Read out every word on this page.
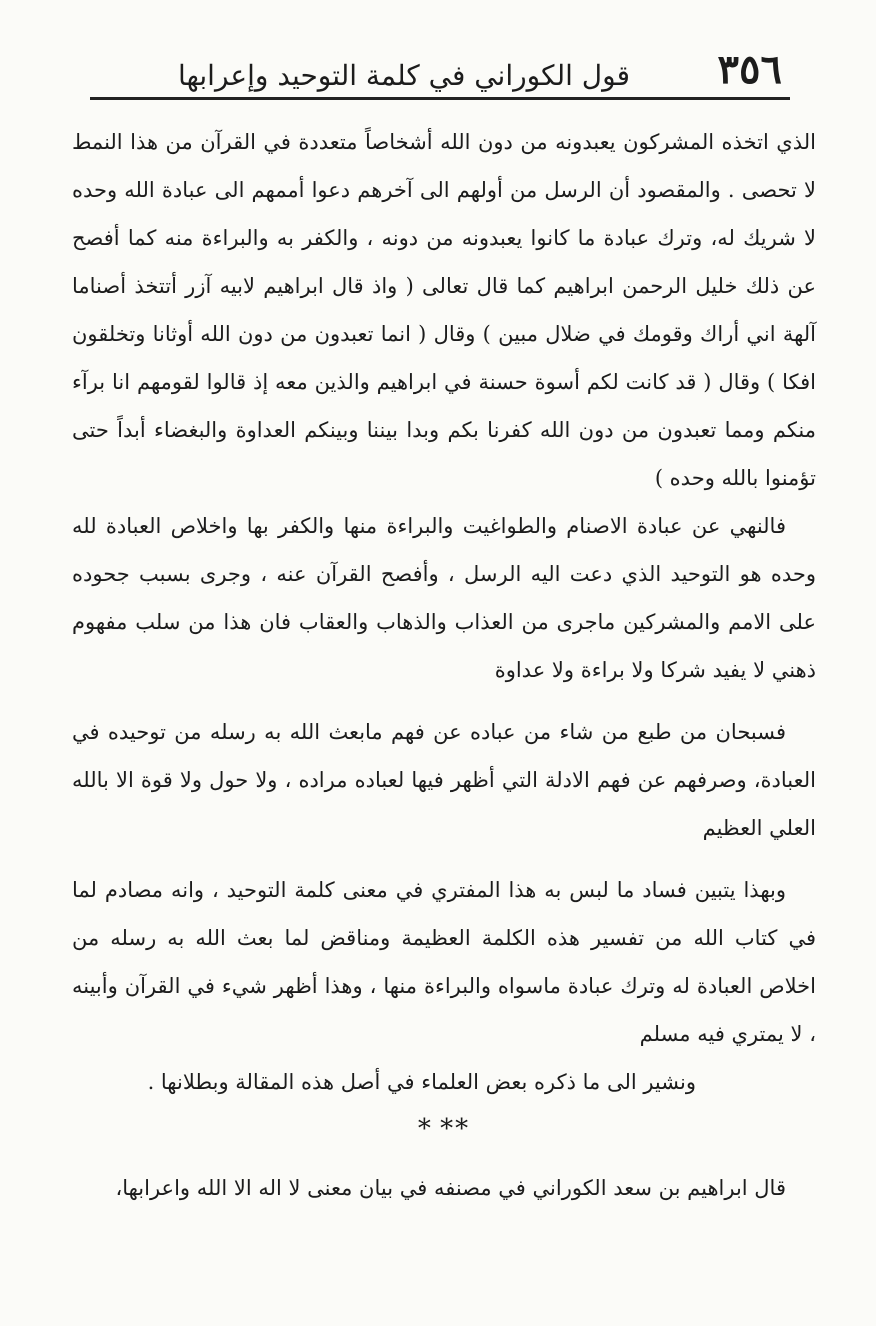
٣٥٦
قول الكوراني في كلمة التوحيد وإعرابها

الذي اتخذه المشركون يعبدونه من دون الله أشخاصاً متعددة في القرآن من هذا النمط لا تحصى . والمقصود أن الرسل من أولهم الى آخرهم دعوا أممهم الى عبادة الله وحده لا شريك له، وترك عبادة ما كانوا يعبدونه من دونه ، والكفر به والبراءة منه كما أفصح عن ذلك خليل الرحمن ابراهيم كما قال تعالى ( واذ قال ابراهيم لابيه آزر أتتخذ أصناما آلهة اني أراك وقومك في ضلال مبين ) وقال ( انما تعبدون من دون الله أوثانا وتخلقون افكا ) وقال ( قد كانت لكم أسوة حسنة في ابراهيم والذين معه إذ قالوا لقومهم انا برآء منكم ومما تعبدون من دون الله كفرنا بكم وبدا بيننا وبينكم العداوة والبغضاء أبداً حتى تؤمنوا بالله وحده )

فالنهي عن عبادة الاصنام والطواغيت والبراءة منها والكفر بها واخلاص العبادة لله وحده هو التوحيد الذي دعت اليه الرسل ، وأفصح القرآن عنه ، وجرى بسبب جحوده على الامم والمشركين ماجرى من العذاب والذهاب والعقاب فان هذا من سلب مفهوم ذهني لا يفيد شركا ولا براءة ولا عداوة

فسبحان من طبع من شاء من عباده عن فهم مابعث الله به رسله من توحيده في العبادة، وصرفهم عن فهم الادلة التي أظهر فيها لعباده مراده ، ولا حول ولا قوة الا بالله العلي العظيم

وبهذا يتبين فساد ما لبس به هذا المفتري في معنى كلمة التوحيد ، وانه مصادم لما في كتاب الله من تفسير هذه الكلمة العظيمة ومناقض لما بعث الله به رسله من اخلاص العبادة له وترك عبادة ماسواه والبراءة منها ، وهذا أظهر شيء في القرآن وأبينه ، لا يمتري فيه مسلم

ونشير الى ما ذكره بعض العلماء في أصل هذه المقالة وبطلانها .

* **

قال ابراهيم بن سعد الكوراني في مصنفه في بيان معنى لا اله الا الله واعرابها،
